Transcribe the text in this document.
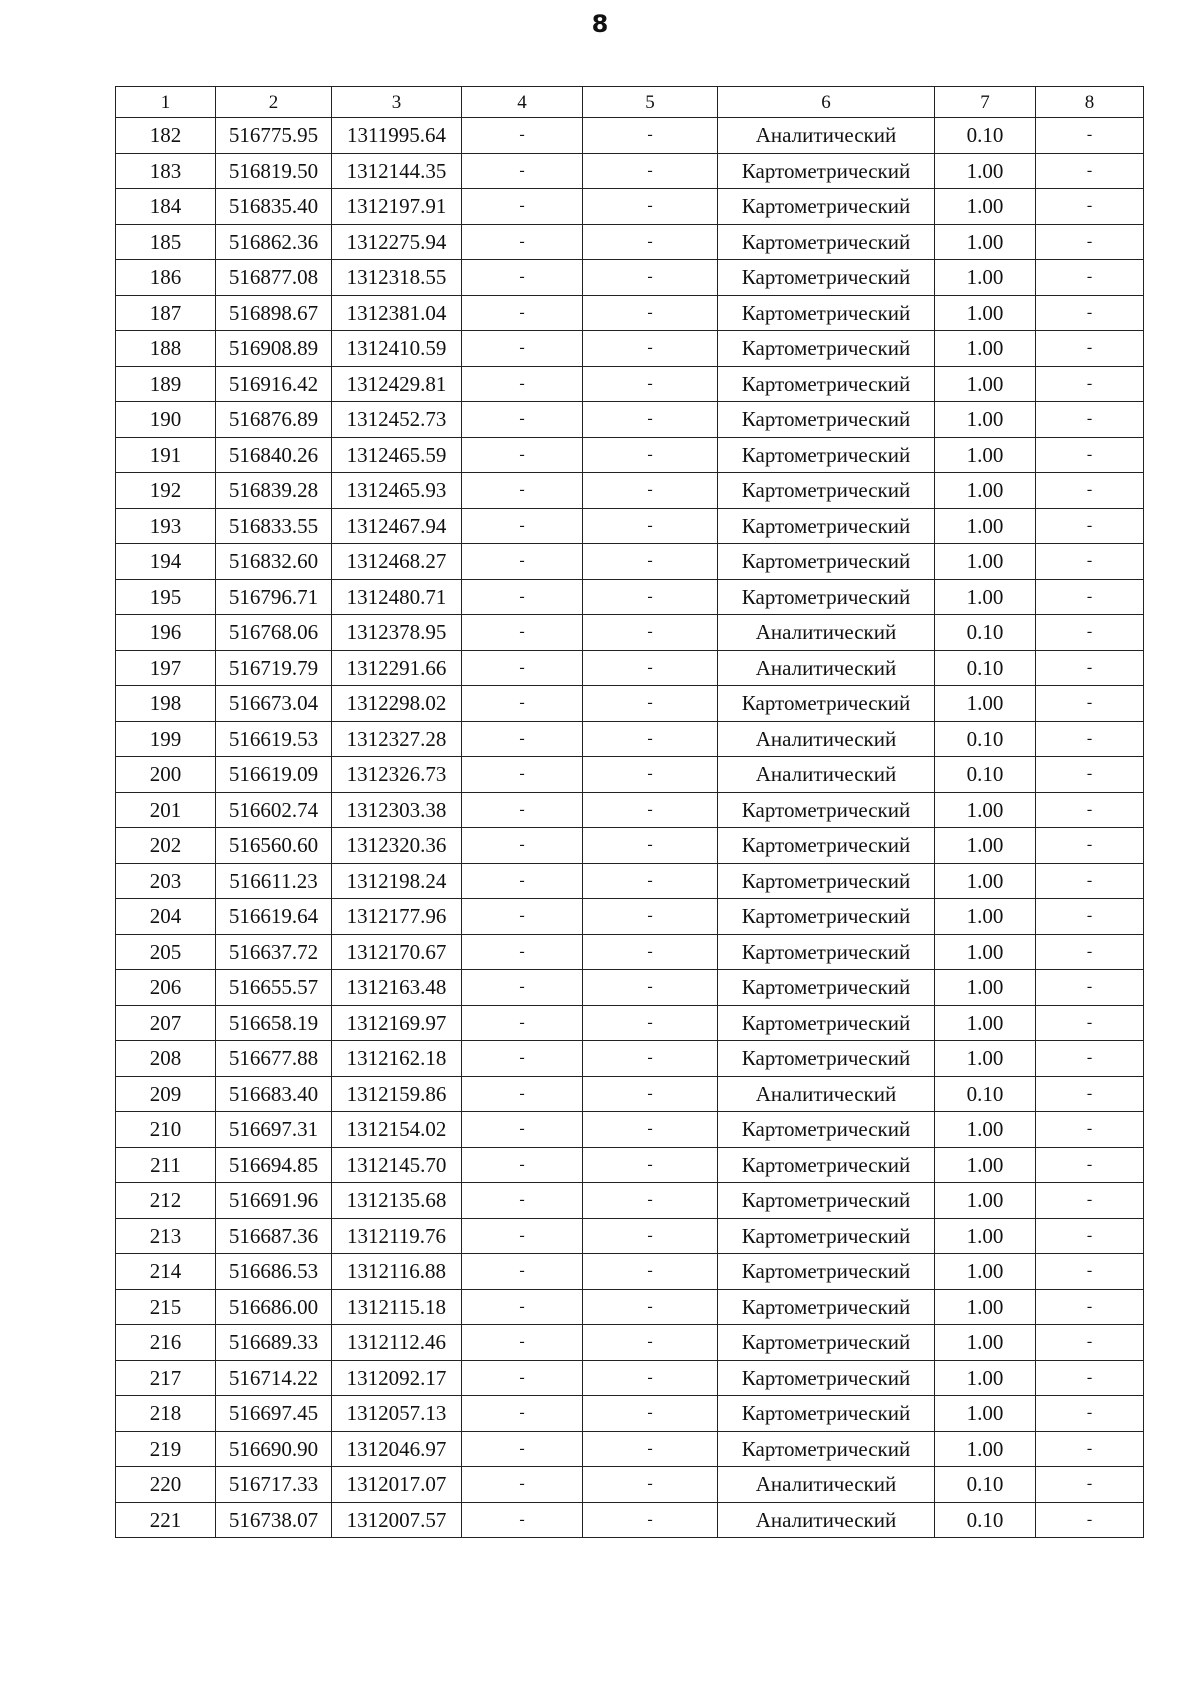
8
1	2	3	4	5	6	7	8
182	516775.95	1311995.64	-	-	Аналитический	0.10	-
183	516819.50	1312144.35	-	-	Картометрический	1.00	-
184	516835.40	1312197.91	-	-	Картометрический	1.00	-
185	516862.36	1312275.94	-	-	Картометрический	1.00	-
186	516877.08	1312318.55	-	-	Картометрический	1.00	-
187	516898.67	1312381.04	-	-	Картометрический	1.00	-
188	516908.89	1312410.59	-	-	Картометрический	1.00	-
189	516916.42	1312429.81	-	-	Картометрический	1.00	-
190	516876.89	1312452.73	-	-	Картометрический	1.00	-
191	516840.26	1312465.59	-	-	Картометрический	1.00	-
192	516839.28	1312465.93	-	-	Картометрический	1.00	-
193	516833.55	1312467.94	-	-	Картометрический	1.00	-
194	516832.60	1312468.27	-	-	Картометрический	1.00	-
195	516796.71	1312480.71	-	-	Картометрический	1.00	-
196	516768.06	1312378.95	-	-	Аналитический	0.10	-
197	516719.79	1312291.66	-	-	Аналитический	0.10	-
198	516673.04	1312298.02	-	-	Картометрический	1.00	-
199	516619.53	1312327.28	-	-	Аналитический	0.10	-
200	516619.09	1312326.73	-	-	Аналитический	0.10	-
201	516602.74	1312303.38	-	-	Картометрический	1.00	-
202	516560.60	1312320.36	-	-	Картометрический	1.00	-
203	516611.23	1312198.24	-	-	Картометрический	1.00	-
204	516619.64	1312177.96	-	-	Картометрический	1.00	-
205	516637.72	1312170.67	-	-	Картометрический	1.00	-
206	516655.57	1312163.48	-	-	Картометрический	1.00	-
207	516658.19	1312169.97	-	-	Картометрический	1.00	-
208	516677.88	1312162.18	-	-	Картометрический	1.00	-
209	516683.40	1312159.86	-	-	Аналитический	0.10	-
210	516697.31	1312154.02	-	-	Картометрический	1.00	-
211	516694.85	1312145.70	-	-	Картометрический	1.00	-
212	516691.96	1312135.68	-	-	Картометрический	1.00	-
213	516687.36	1312119.76	-	-	Картометрический	1.00	-
214	516686.53	1312116.88	-	-	Картометрический	1.00	-
215	516686.00	1312115.18	-	-	Картометрический	1.00	-
216	516689.33	1312112.46	-	-	Картометрический	1.00	-
217	516714.22	1312092.17	-	-	Картометрический	1.00	-
218	516697.45	1312057.13	-	-	Картометрический	1.00	-
219	516690.90	1312046.97	-	-	Картометрический	1.00	-
220	516717.33	1312017.07	-	-	Аналитический	0.10	-
221	516738.07	1312007.57	-	-	Аналитический	0.10	-
